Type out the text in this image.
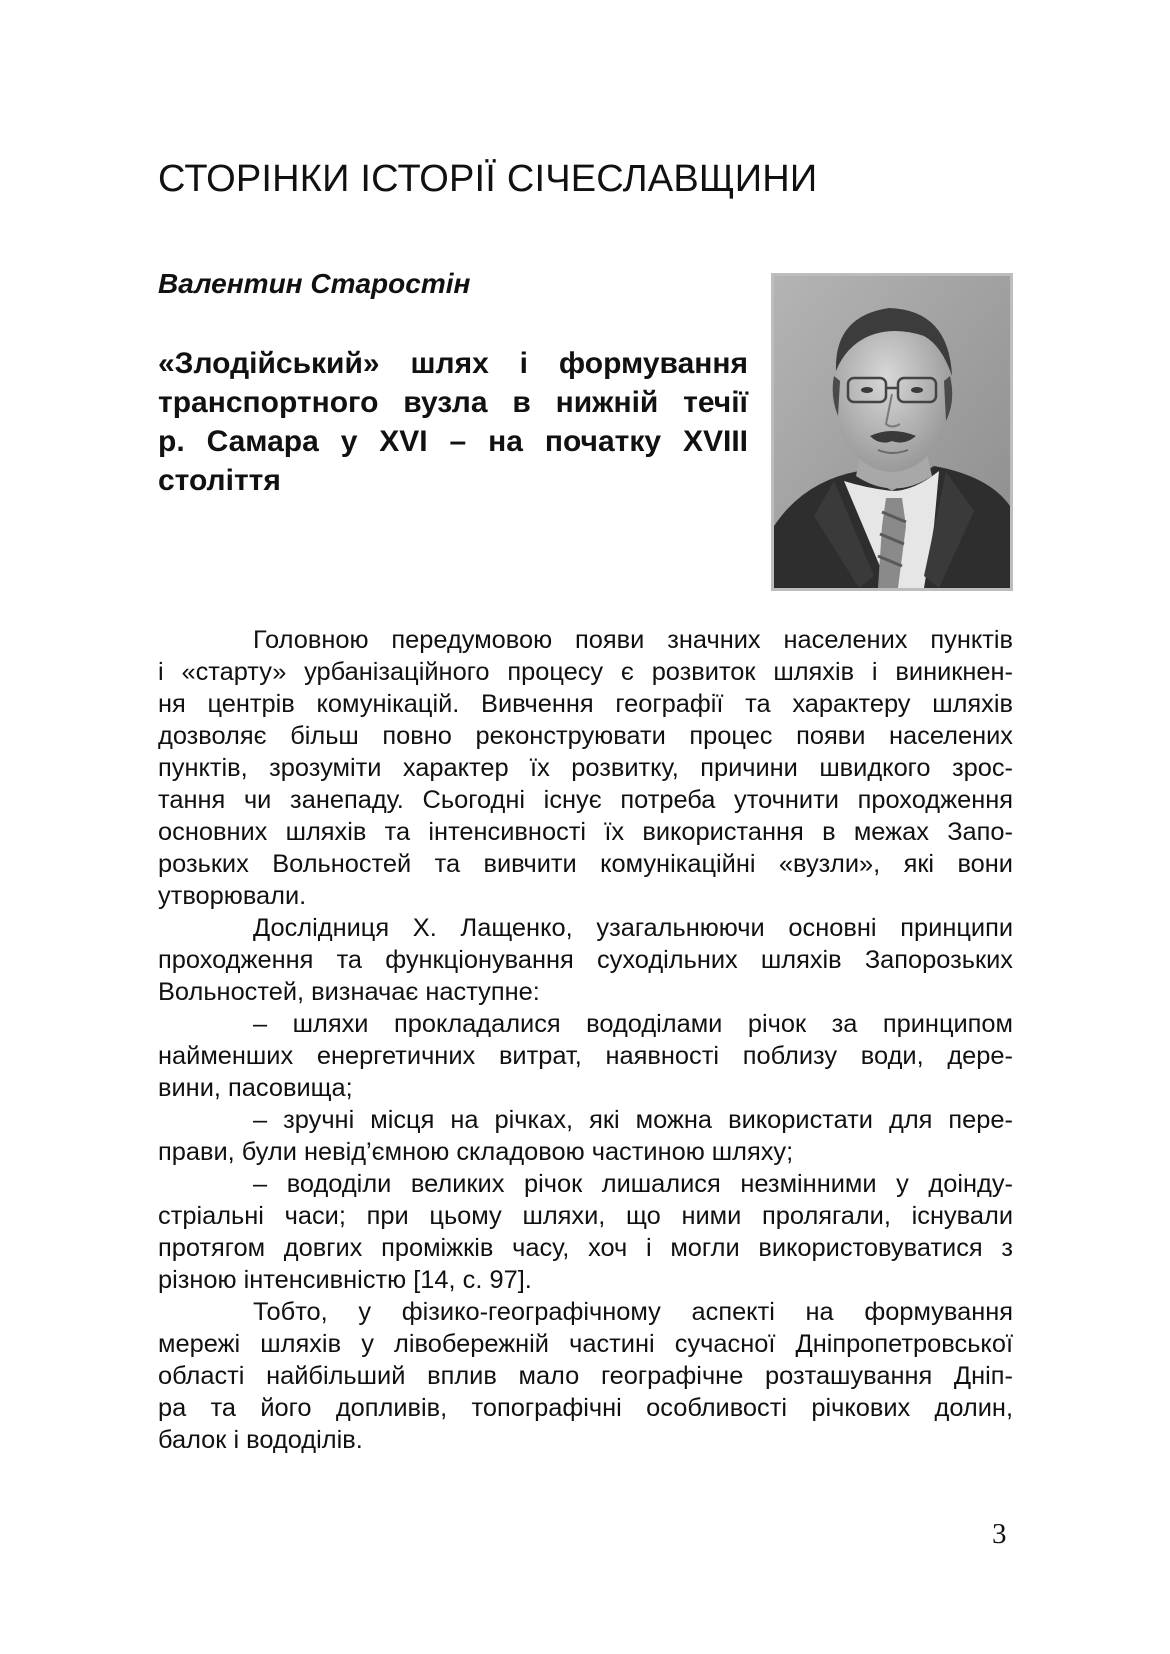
СТОРІНКИ ІСТОРІЇ СІЧЕСЛАВЩИНИ
Валентин Старостін
«Злодійський» шлях і формування
транспортного вузла в нижній течії
р. Самара у XVI – на початку XVIII
століття
Головною передумовою появи значних населених пунктів
і «старту» урбанізаційного процесу є розвиток шляхів і виникнен-
ня центрів комунікацій. Вивчення географії та характеру шляхів
дозволяє більш повно реконструювати процес появи населених
пунктів, зрозуміти характер їх розвитку, причини швидкого зрос-
тання чи занепаду. Сьогодні існує потреба уточнити проходження
основних шляхів та інтенсивності їх використання в межах Запо-
розьких Вольностей та вивчити комунікаційні «вузли», які вони
утворювали.
Дослідниця Х. Лащенко, узагальнюючи основні принципи
проходження та функціонування суходільних шляхів Запорозьких
Вольностей, визначає наступне:
– шляхи прокладалися вододілами річок за принципом
найменших енергетичних витрат, наявності поблизу води, дере-
вини, пасовища;
– зручні місця на річках, які можна використати для пере-
прави, були невід’ємною складовою частиною шляху;
– вододіли великих річок лишалися незмінними у доінду-
стріальні часи; при цьому шляхи, що ними пролягали, існували
протягом довгих проміжків часу, хоч і могли використовуватися з
різною інтенсивністю [14, с. 97].
Тобто, у фізико-географічному аспекті на формування
мережі шляхів у лівобережній частині сучасної Дніпропетровської
області найбільший вплив мало географічне розташування Дніп-
ра та його допливів, топографічні особливості річкових долин,
балок і вододілів.
3
